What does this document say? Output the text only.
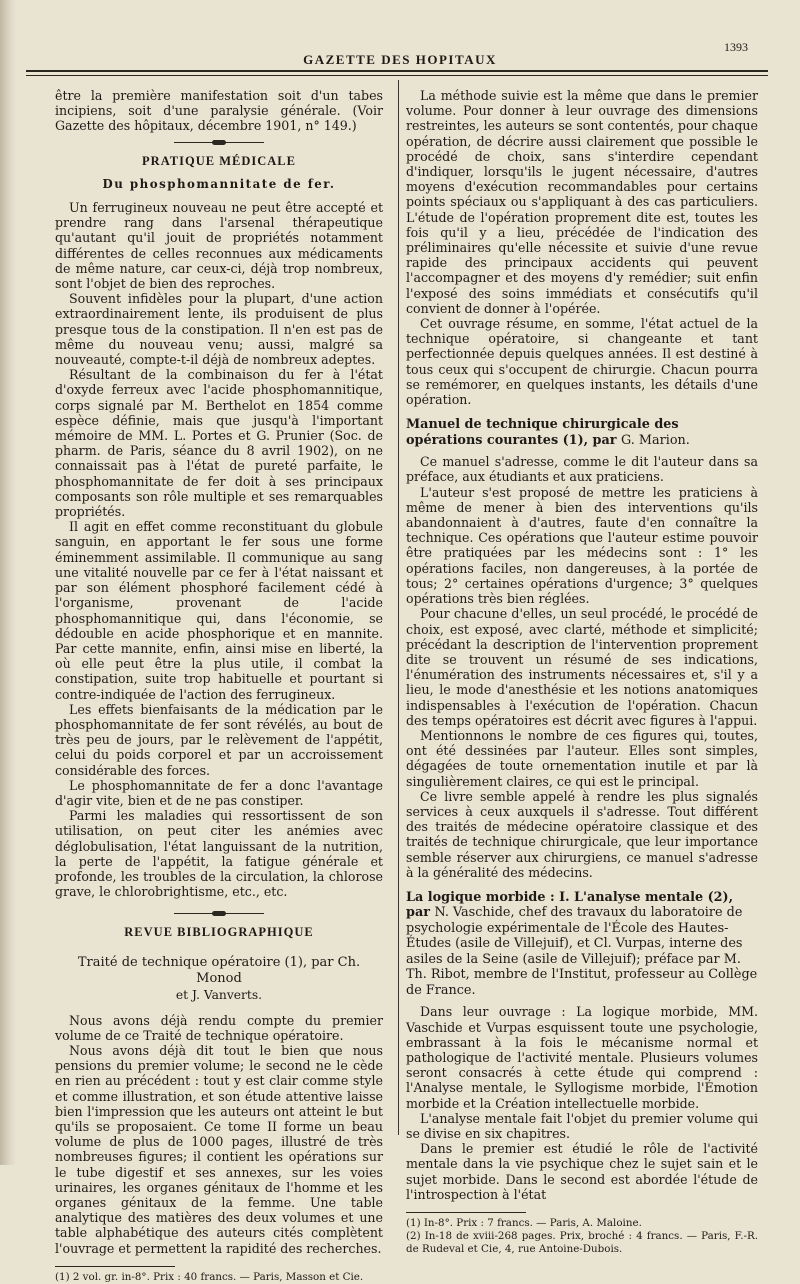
GAZETTE DES HOPITAUX
1393

être la première manifestation soit d'un tabes incipiens, soit d'une paralysie générale. (Voir Gazette des hôpitaux, décembre 1901, n° 149.)

PRATIQUE MÉDICALE
Du phosphomannitate de fer.

Un ferrugineux nouveau ne peut être accepté et prendre rang dans l'arsenal thérapeutique qu'autant qu'il jouit de propriétés notamment différentes de celles reconnues aux médicaments de même nature, car ceux-ci, déjà trop nombreux, sont l'objet de bien des reproches.

Souvent infidèles pour la plupart, d'une action extraordinairement lente, ils produisent de plus presque tous de la constipation. Il n'en est pas de même du nouveau venu; aussi, malgré sa nouveauté, compte-t-il déjà de nombreux adeptes.

Résultant de la combinaison du fer à l'état d'oxyde ferreux avec l'acide phosphomannitique, corps signalé par M. Berthelot en 1854 comme espèce définie, mais que jusqu'à l'important mémoire de MM. L. Portes et G. Prunier (Soc. de pharm. de Paris, séance du 8 avril 1902), on ne connaissait pas à l'état de pureté parfaite, le phosphomannitate de fer doit à ses principaux composants son rôle multiple et ses remarquables propriétés.

Il agit en effet comme reconstituant du globule sanguin, en apportant le fer sous une forme éminemment assimilable. Il communique au sang une vitalité nouvelle par ce fer à l'état naissant et par son élément phosphoré facilement cédé à l'organisme, provenant de l'acide phosphomannitique qui, dans l'économie, se dédouble en acide phosphorique et en mannite. Par cette mannite, enfin, ainsi mise en liberté, la où elle peut être la plus utile, il combat la constipation, suite trop habituelle et pourtant si contre-indiquée de l'action des ferrugineux.

Les effets bienfaisants de la médication par le phosphomannitate de fer sont révélés, au bout de très peu de jours, par le relèvement de l'appétit, celui du poids corporel et par un accroissement considérable des forces.

Le phosphomannitate de fer a donc l'avantage d'agir vite, bien et de ne pas constiper.

Parmi les maladies qui ressortissent de son utilisation, on peut citer les anémies avec déglobulisation, l'état languissant de la nutrition, la perte de l'appétit, la fatigue générale et profonde, les troubles de la circulation, la chlorose grave, le chlorobrightisme, etc., etc.

REVUE BIBLIOGRAPHIQUE
Traité de technique opératoire (1), par Ch. Monod
et J. Vanverts.

Nous avons déjà rendu compte du premier volume de ce Traité de technique opératoire.

Nous avons déjà dit tout le bien que nous pensions du premier volume; le second ne le cède en rien au précédent : tout y est clair comme style et comme illustration, et son étude attentive laisse bien l'impression que les auteurs ont atteint le but qu'ils se proposaient. Ce tome II forme un beau volume de plus de 1000 pages, illustré de très nombreuses figures; il contient les opérations sur le tube digestif et ses annexes, sur les voies urinaires, les organes génitaux de l'homme et les organes génitaux de la femme. Une table analytique des matières des deux volumes et une table alphabétique des auteurs cités complètent l'ouvrage et permettent la rapidité des recherches.

(1) 2 vol. gr. in-8°. Prix : 40 francs. — Paris, Masson et Cie.

La méthode suivie est la même que dans le premier volume. Pour donner à leur ouvrage des dimensions restreintes, les auteurs se sont contentés, pour chaque opération, de décrire aussi clairement que possible le procédé de choix, sans s'interdire cependant d'indiquer, lorsqu'ils le jugent nécessaire, d'autres moyens d'exécution recommandables pour certains points spéciaux ou s'appliquant à des cas particuliers. L'étude de l'opération proprement dite est, toutes les fois qu'il y a lieu, précédée de l'indication des préliminaires qu'elle nécessite et suivie d'une revue rapide des principaux accidents qui peuvent l'accompagner et des moyens d'y remédier; suit enfin l'exposé des soins immédiats et consécutifs qu'il convient de donner à l'opérée.

Cet ouvrage résume, en somme, l'état actuel de la technique opératoire, si changeante et tant perfectionnée depuis quelques années. Il est destiné à tous ceux qui s'occupent de chirurgie. Chacun pourra se remémorer, en quelques instants, les détails d'une opération.

Manuel de technique chirurgicale des opérations courantes (1), par G. Marion.

Ce manuel s'adresse, comme le dit l'auteur dans sa préface, aux étudiants et aux praticiens.

L'auteur s'est proposé de mettre les praticiens à même de mener à bien des interventions qu'ils abandonnaient à d'autres, faute d'en connaître la technique. Ces opérations que l'auteur estime pouvoir être pratiquées par les médecins sont : 1° les opérations faciles, non dangereuses, à la portée de tous; 2° certaines opérations d'urgence; 3° quelques opérations très bien réglées.

Pour chacune d'elles, un seul procédé, le procédé de choix, est exposé, avec clarté, méthode et simplicité; précédant la description de l'intervention proprement dite se trouvent un résumé de ses indications, l'énumération des instruments nécessaires et, s'il y a lieu, le mode d'anesthésie et les notions anatomiques indispensables à l'exécution de l'opération. Chacun des temps opératoires est décrit avec figures à l'appui.

Mentionnons le nombre de ces figures qui, toutes, ont été dessinées par l'auteur. Elles sont simples, dégagées de toute ornementation inutile et par là singulièrement claires, ce qui est le principal.

Ce livre semble appelé à rendre les plus signalés services à ceux auxquels il s'adresse. Tout différent des traités de médecine opératoire classique et des traités de technique chirurgicale, que leur importance semble réserver aux chirurgiens, ce manuel s'adresse à la généralité des médecins.

La logique morbide : I. L'analyse mentale (2), par N. Vaschide, chef des travaux du laboratoire de psychologie expérimentale de l'École des Hautes-Études (asile de Villejuif), et Cl. Vurpas, interne des asiles de la Seine (asile de Villejuif); préface par M. Th. Ribot, membre de l'Institut, professeur au Collège de France.

Dans leur ouvrage : La logique morbide, MM. Vaschide et Vurpas esquissent toute une psychologie, embrassant à la fois le mécanisme normal et pathologique de l'activité mentale. Plusieurs volumes seront consacrés à cette étude qui comprend : l'Analyse mentale, le Syllogisme morbide, l'Émotion morbide et la Création intellectuelle morbide.

L'analyse mentale fait l'objet du premier volume qui se divise en six chapitres.

Dans le premier est étudié le rôle de l'activité mentale dans la vie psychique chez le sujet sain et le sujet morbide. Dans le second est abordée l'étude de l'introspection à l'état

(1) In-8°. Prix : 7 francs. — Paris, A. Maloine.

(2) In-18 de xviii-268 pages. Prix, broché : 4 francs. — Paris, F.-R. de Rudeval et Cie, 4, rue Antoine-Dubois.
